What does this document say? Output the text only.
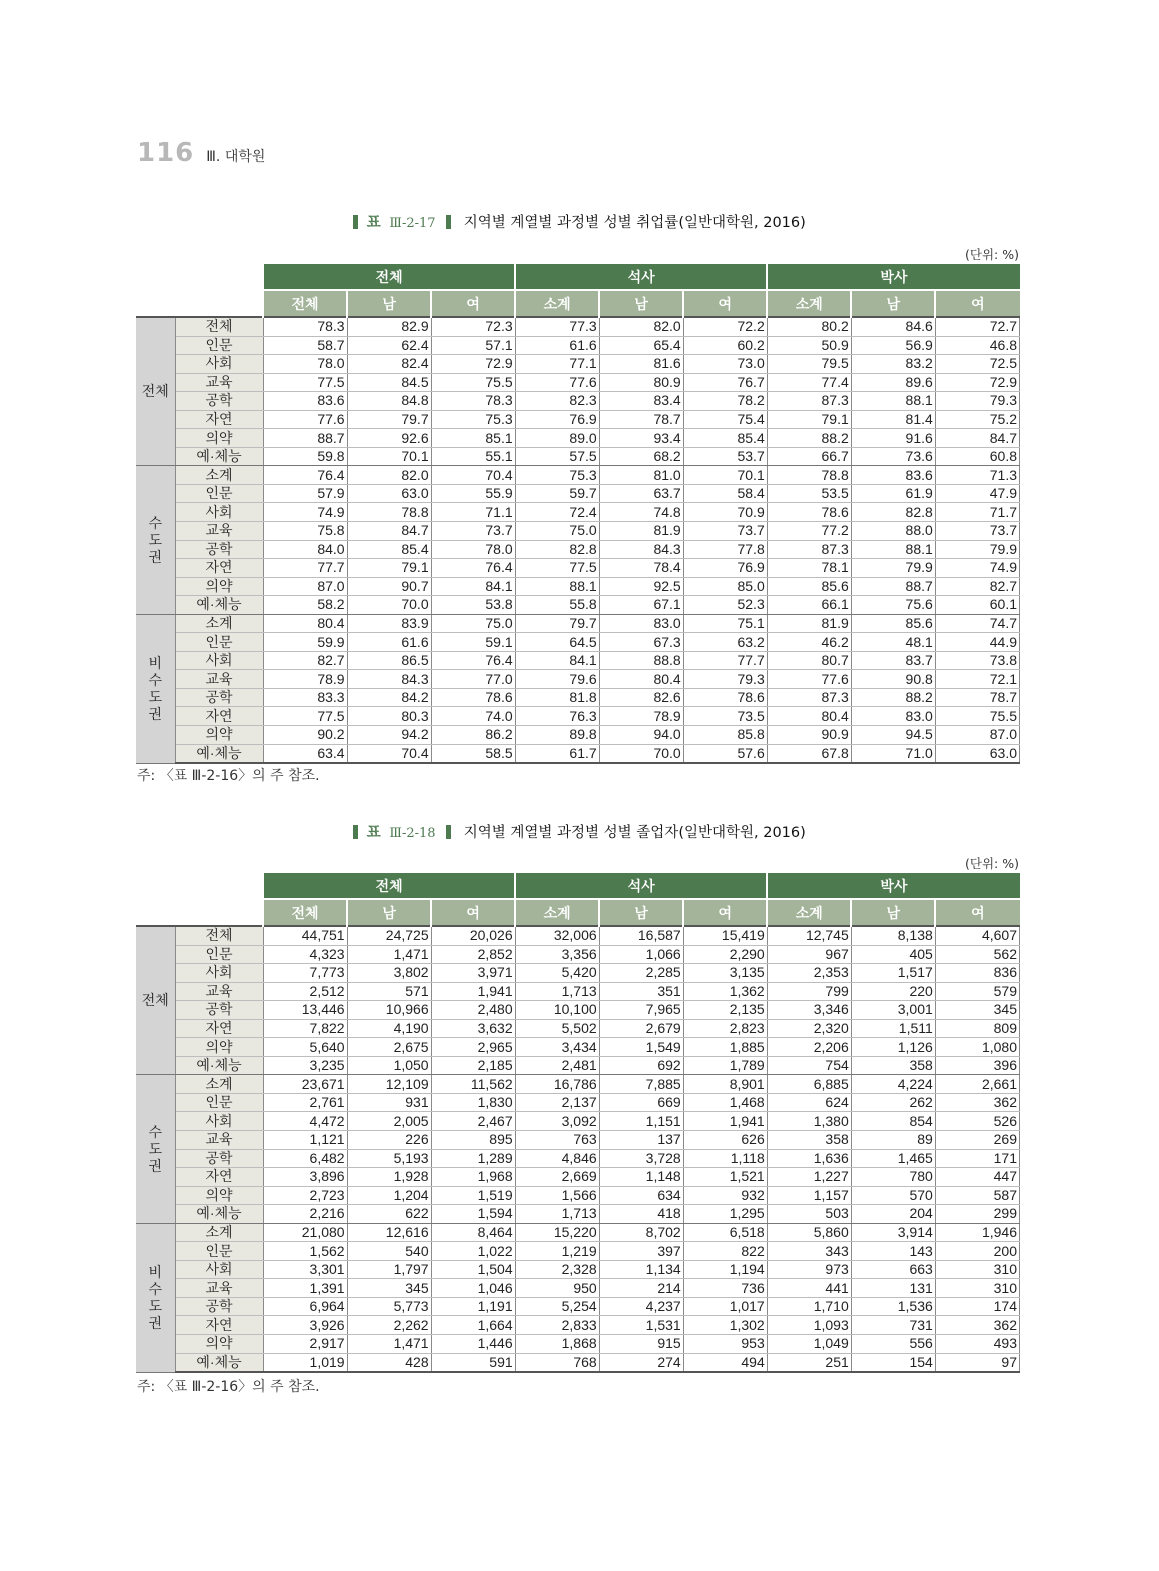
116 Ⅲ. 대학원
표 Ⅲ-2-17 지역별 계열별 과정별 성별 취업률(일반대학원, 2016)
(단위: %)
		전체			석사			박사		
		전체	남	여	소계	남	여	소계	남	여
전체	전체	78.3	82.9	72.3	77.3	82.0	72.2	80.2	84.6	72.7
	인문	58.7	62.4	57.1	61.6	65.4	60.2	50.9	56.9	46.8
	사회	78.0	82.4	72.9	77.1	81.6	73.0	79.5	83.2	72.5
	교육	77.5	84.5	75.5	77.6	80.9	76.7	77.4	89.6	72.9
	공학	83.6	84.8	78.3	82.3	83.4	78.2	87.3	88.1	79.3
	자연	77.6	79.7	75.3	76.9	78.7	75.4	79.1	81.4	75.2
	의약	88.7	92.6	85.1	89.0	93.4	85.4	88.2	91.6	84.7
	예·체능	59.8	70.1	55.1	57.5	68.2	53.7	66.7	73.6	60.8
수
도
권	소계	76.4	82.0	70.4	75.3	81.0	70.1	78.8	83.6	71.3
	인문	57.9	63.0	55.9	59.7	63.7	58.4	53.5	61.9	47.9
	사회	74.9	78.8	71.1	72.4	74.8	70.9	78.6	82.8	71.7
	교육	75.8	84.7	73.7	75.0	81.9	73.7	77.2	88.0	73.7
	공학	84.0	85.4	78.0	82.8	84.3	77.8	87.3	88.1	79.9
	자연	77.7	79.1	76.4	77.5	78.4	76.9	78.1	79.9	74.9
	의약	87.0	90.7	84.1	88.1	92.5	85.0	85.6	88.7	82.7
	예·체능	58.2	70.0	53.8	55.8	67.1	52.3	66.1	75.6	60.1
비
수
도
권	소계	80.4	83.9	75.0	79.7	83.0	75.1	81.9	85.6	74.7
	인문	59.9	61.6	59.1	64.5	67.3	63.2	46.2	48.1	44.9
	사회	82.7	86.5	76.4	84.1	88.8	77.7	80.7	83.7	73.8
	교육	78.9	84.3	77.0	79.6	80.4	79.3	77.6	90.8	72.1
	공학	83.3	84.2	78.6	81.8	82.6	78.6	87.3	88.2	78.7
	자연	77.5	80.3	74.0	76.3	78.9	73.5	80.4	83.0	75.5
	의약	90.2	94.2	86.2	89.8	94.0	85.8	90.9	94.5	87.0
	예·체능	63.4	70.4	58.5	61.7	70.0	57.6	67.8	71.0	63.0
주: 〈표 Ⅲ-2-16〉의 주 참조.
표 Ⅲ-2-18 지역별 계열별 과정별 성별 졸업자(일반대학원, 2016)
(단위: %)
		전체			석사			박사		
		전체	남	여	소계	남	여	소계	남	여
전체	전체	44,751	24,725	20,026	32,006	16,587	15,419	12,745	8,138	4,607
	인문	4,323	1,471	2,852	3,356	1,066	2,290	967	405	562
	사회	7,773	3,802	3,971	5,420	2,285	3,135	2,353	1,517	836
	교육	2,512	571	1,941	1,713	351	1,362	799	220	579
	공학	13,446	10,966	2,480	10,100	7,965	2,135	3,346	3,001	345
	자연	7,822	4,190	3,632	5,502	2,679	2,823	2,320	1,511	809
	의약	5,640	2,675	2,965	3,434	1,549	1,885	2,206	1,126	1,080
	예·체능	3,235	1,050	2,185	2,481	692	1,789	754	358	396
수
도
권	소계	23,671	12,109	11,562	16,786	7,885	8,901	6,885	4,224	2,661
	인문	2,761	931	1,830	2,137	669	1,468	624	262	362
	사회	4,472	2,005	2,467	3,092	1,151	1,941	1,380	854	526
	교육	1,121	226	895	763	137	626	358	89	269
	공학	6,482	5,193	1,289	4,846	3,728	1,118	1,636	1,465	171
	자연	3,896	1,928	1,968	2,669	1,148	1,521	1,227	780	447
	의약	2,723	1,204	1,519	1,566	634	932	1,157	570	587
	예·체능	2,216	622	1,594	1,713	418	1,295	503	204	299
비
수
도
권	소계	21,080	12,616	8,464	15,220	8,702	6,518	5,860	3,914	1,946
	인문	1,562	540	1,022	1,219	397	822	343	143	200
	사회	3,301	1,797	1,504	2,328	1,134	1,194	973	663	310
	교육	1,391	345	1,046	950	214	736	441	131	310
	공학	6,964	5,773	1,191	5,254	4,237	1,017	1,710	1,536	174
	자연	3,926	2,262	1,664	2,833	1,531	1,302	1,093	731	362
	의약	2,917	1,471	1,446	1,868	915	953	1,049	556	493
	예·체능	1,019	428	591	768	274	494	251	154	97
주: 〈표 Ⅲ-2-16〉의 주 참조.
